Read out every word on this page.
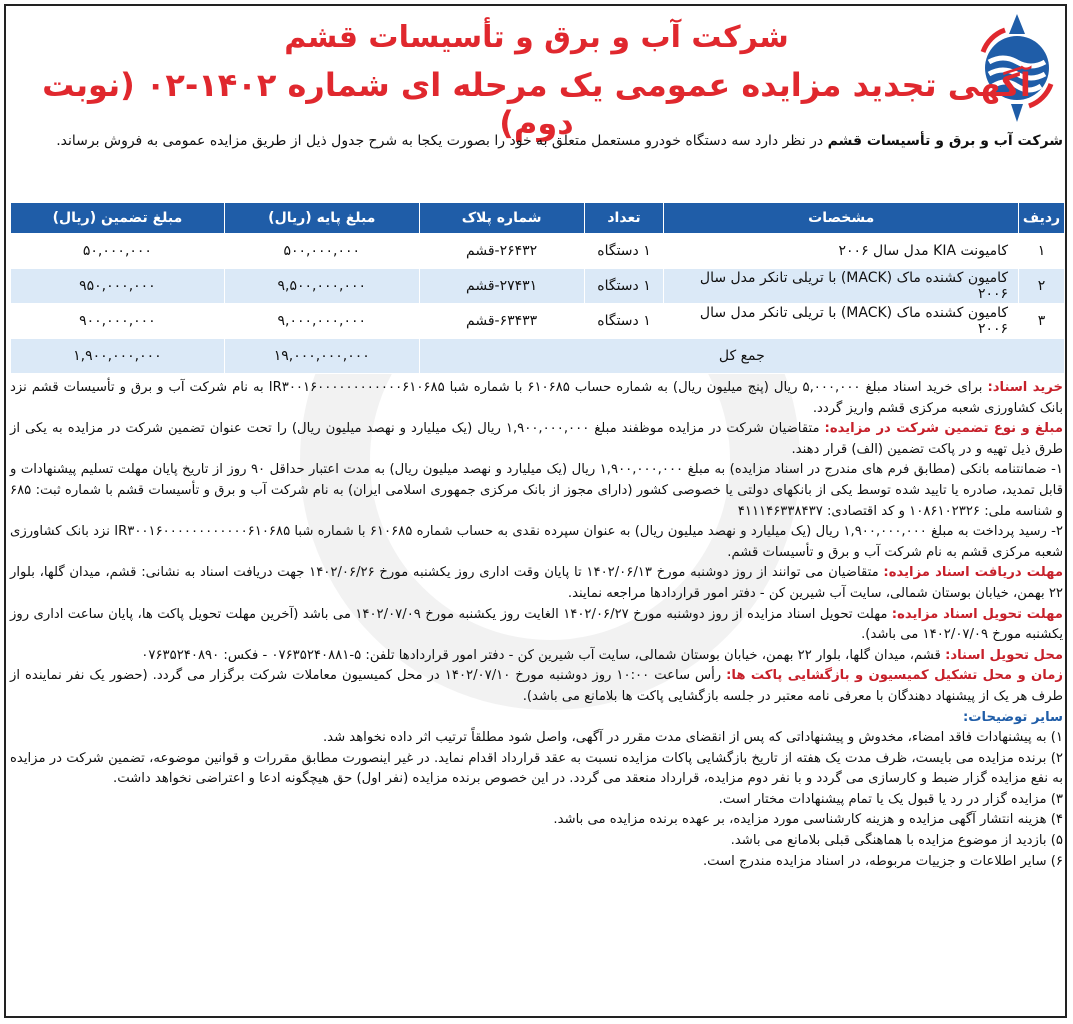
شرکت آب و برق و تأسیسات قشم
آگهی تجدید مزایده عمومی یک مرحله ای شماره ۱۴۰۲-۰۲ (نوبت دوم)	شرکت آب و برق و تأسیسات قشم در نظر دارد سه دستگاه خودرو مستعمل متعلق به خود را بصورت یکجا به شرح جدول ذیل از طریق مزایده عمومی به فروش برساند.
ردیف	مشخصات	تعداد	شماره پلاک	مبلغ پایه (ریال)	مبلغ تضمین (ریال)
۱	کامیونت KIA مدل سال ۲۰۰۶	۱ دستگاه	۲۶۴۳۲-قشم	۵۰۰,۰۰۰,۰۰۰	۵۰,۰۰۰,۰۰۰
۲	کامیون کشنده ماک (MACK) با تریلی تانکر مدل سال ۲۰۰۶	۱ دستگاه	۲۷۴۳۱-قشم	۹,۵۰۰,۰۰۰,۰۰۰	۹۵۰,۰۰۰,۰۰۰
۳	کامیون کشنده ماک (MACK) با تریلی تانکر مدل سال ۲۰۰۶	۱ دستگاه	۶۳۴۳۳-قشم	۹,۰۰۰,۰۰۰,۰۰۰	۹۰۰,۰۰۰,۰۰۰
جمع کل				۱۹,۰۰۰,۰۰۰,۰۰۰	۱,۹۰۰,۰۰۰,۰۰۰

خرید اسناد: برای خرید اسناد مبلغ ۵,۰۰۰,۰۰۰ ریال (پنج میلیون ریال) به شماره حساب ۶۱۰۶۸۵ با شماره شبا IR۳۰۰۱۶۰۰۰۰۰۰۰۰۰۰۰۰۶۱۰۶۸۵ به نام شرکت آب و برق و تأسیسات قشم نزد بانک کشاورزی شعبه مرکزی قشم واریز گردد.

مبلغ و نوع تضمین شرکت در مزایده: متقاضیان شرکت در مزایده موظفند مبلغ ۱,۹۰۰,۰۰۰,۰۰۰ ریال (یک میلیارد و نهصد میلیون ریال) را تحت عنوان تضمین شرکت در مزایده به یکی از طرق ذیل تهیه و در پاکت تضمین (الف) قرار دهند.

۱- ضمانتنامه بانکی (مطابق فرم های مندرج در اسناد مزایده) به مبلغ ۱,۹۰۰,۰۰۰,۰۰۰ ریال (یک میلیارد و نهصد میلیون ریال) به مدت اعتبار حداقل ۹۰ روز از تاریخ پایان مهلت تسلیم پیشنهادات و قابل تمدید، صادره یا تایید شده توسط یکی از بانکهای دولتی یا خصوصی کشور (دارای مجوز از بانک مرکزی جمهوری اسلامی ایران) به نام شرکت آب و برق و تأسیسات قشم با شماره ثبت: ۶۸۵ و شناسه ملی: ۱۰۸۶۱۰۲۳۲۶ و کد اقتصادی: ۴۱۱۱۴۶۳۳۸۴۳۷

۲- رسید پرداخت به مبلغ ۱,۹۰۰,۰۰۰,۰۰۰ ریال (یک میلیارد و نهصد میلیون ریال) به عنوان سپرده نقدی به حساب شماره ۶۱۰۶۸۵ با شماره شبا IR۳۰۰۱۶۰۰۰۰۰۰۰۰۰۰۰۰۶۱۰۶۸۵ نزد بانک کشاورزی شعبه مرکزی قشم به نام شرکت آب و برق و تأسیسات قشم.

مهلت دریافت اسناد مزایده: متقاضیان می توانند از روز دوشنبه مورخ ۱۴۰۲/۰۶/۱۳ تا پایان وقت اداری روز یکشنبه مورخ ۱۴۰۲/۰۶/۲۶ جهت دریافت اسناد به نشانی: قشم، میدان گلها، بلوار ۲۲ بهمن، خیابان بوستان شمالی، سایت آب شیرین کن - دفتر امور قراردادها مراجعه نمایند.

مهلت تحویل اسناد مزایده: مهلت تحویل اسناد مزایده از روز دوشنبه مورخ ۱۴۰۲/۰۶/۲۷ الغایت روز یکشنبه مورخ ۱۴۰۲/۰۷/۰۹ می باشد (آخرین مهلت تحویل پاکت ها، پایان ساعت اداری روز یکشنبه مورخ ۱۴۰۲/۰۷/۰۹ می باشد).

محل تحویل اسناد: قشم، میدان گلها، بلوار ۲۲ بهمن، خیابان بوستان شمالی، سایت آب شیرین کن - دفتر امور قراردادها تلفن: ۵-۰۷۶۳۵۲۴۰۸۸۱ - فکس: ۰۷۶۳۵۲۴۰۸۹۰

زمان و محل تشکیل کمیسیون و بازگشایی پاکت ها: رأس ساعت ۱۰:۰۰ روز دوشنبه مورخ ۱۴۰۲/۰۷/۱۰ در محل کمیسیون معاملات شرکت برگزار می گردد. (حضور یک نفر نماینده از طرف هر یک از پیشنهاد دهندگان با معرفی نامه معتبر در جلسه بازگشایی پاکت ها بلامانع می باشد).

سایر توضیحات:

۱) به پیشنهادات فاقد امضاء، مخدوش و پیشنهاداتی که پس از انقضای مدت مقرر در آگهی، واصل شود مطلقاً ترتیب اثر داده نخواهد شد.

۲) برنده مزایده می بایست، ظرف مدت یک هفته از تاریخ بازگشایی پاکات مزایده نسبت به عقد قرارداد اقدام نماید. در غیر اینصورت مطابق مقررات و قوانین موضوعه، تضمین شرکت در مزایده به نفع مزایده گزار ضبط و کارسازی می گردد و با نفر دوم مزایده، قرارداد منعقد می گردد. در این خصوص برنده مزایده (نفر اول) حق هیچگونه ادعا و اعتراضی نخواهد داشت.

۳) مزایده گزار در رد یا قبول یک یا تمام پیشنهادات مختار است.

۴) هزینه انتشار آگهی مزایده و هزینه کارشناسی مورد مزایده، بر عهده برنده مزایده می باشد.

۵) بازدید از موضوع مزایده با هماهنگی قبلی بلامانع می باشد.

۶) سایر اطلاعات و جزییات مربوطه، در اسناد مزایده مندرج است.
